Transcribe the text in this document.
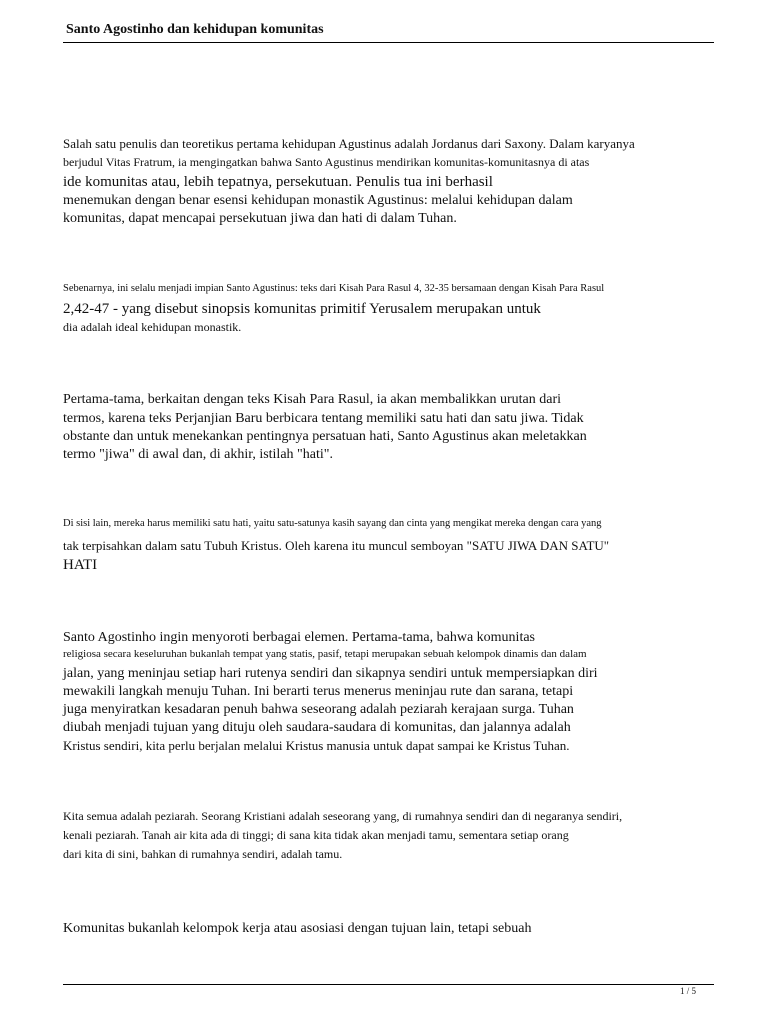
Santo Agostinho dan kehidupan komunitas
Salah satu penulis dan teoretikus pertama kehidupan Agustinus adalah Jordanus dari Saxony. Dalam karyanya
berjudul Vitas Fratrum, ia mengingatkan bahwa Santo Agustinus mendirikan komunitas-komunitasnya di atas
ide komunitas atau, lebih tepatnya, persekutuan. Penulis tua ini berhasil
menemukan dengan benar esensi kehidupan monastik Agustinus: melalui kehidupan dalam
komunitas, dapat mencapai persekutuan jiwa dan hati di dalam Tuhan.
Sebenarnya, ini selalu menjadi impian Santo Agustinus: teks dari Kisah Para Rasul 4, 32-35 bersamaan dengan Kisah Para Rasul
2,42-47 - yang disebut sinopsis komunitas primitif Yerusalem merupakan untuk
dia adalah ideal kehidupan monastik.
Pertama-tama, berkaitan dengan teks Kisah Para Rasul, ia akan membalikkan urutan dari
termos, karena teks Perjanjian Baru berbicara tentang memiliki satu hati dan satu jiwa. Tidak
obstante dan untuk menekankan pentingnya persatuan hati, Santo Agustinus akan meletakkan
termo "jiwa" di awal dan, di akhir, istilah "hati".
Di sisi lain, mereka harus memiliki satu hati, yaitu satu-satunya kasih sayang dan cinta yang mengikat mereka dengan cara yang
tak terpisahkan dalam satu Tubuh Kristus. Oleh karena itu muncul semboyan "SATU JIWA DAN SATU"
HATI
Santo Agostinho ingin menyoroti berbagai elemen. Pertama-tama, bahwa komunitas
religiosa secara keseluruhan bukanlah tempat yang statis, pasif, tetapi merupakan sebuah kelompok dinamis dan dalam
jalan, yang meninjau setiap hari rutenya sendiri dan sikapnya sendiri untuk mempersiapkan diri
mewakili langkah menuju Tuhan. Ini berarti terus menerus meninjau rute dan sarana, tetapi
juga menyiratkan kesadaran penuh bahwa seseorang adalah peziarah kerajaan surga. Tuhan
diubah menjadi tujuan yang dituju oleh saudara-saudara di komunitas, dan jalannya adalah
Kristus sendiri, kita perlu berjalan melalui Kristus manusia untuk dapat sampai ke Kristus Tuhan.
Kita semua adalah peziarah. Seorang Kristiani adalah seseorang yang, di rumahnya sendiri dan di negaranya sendiri,
kenali peziarah. Tanah air kita ada di tinggi; di sana kita tidak akan menjadi tamu, sementara setiap orang
dari kita di sini, bahkan di rumahnya sendiri, adalah tamu.
Komunitas bukanlah kelompok kerja atau asosiasi dengan tujuan lain, tetapi sebuah
1 / 5
